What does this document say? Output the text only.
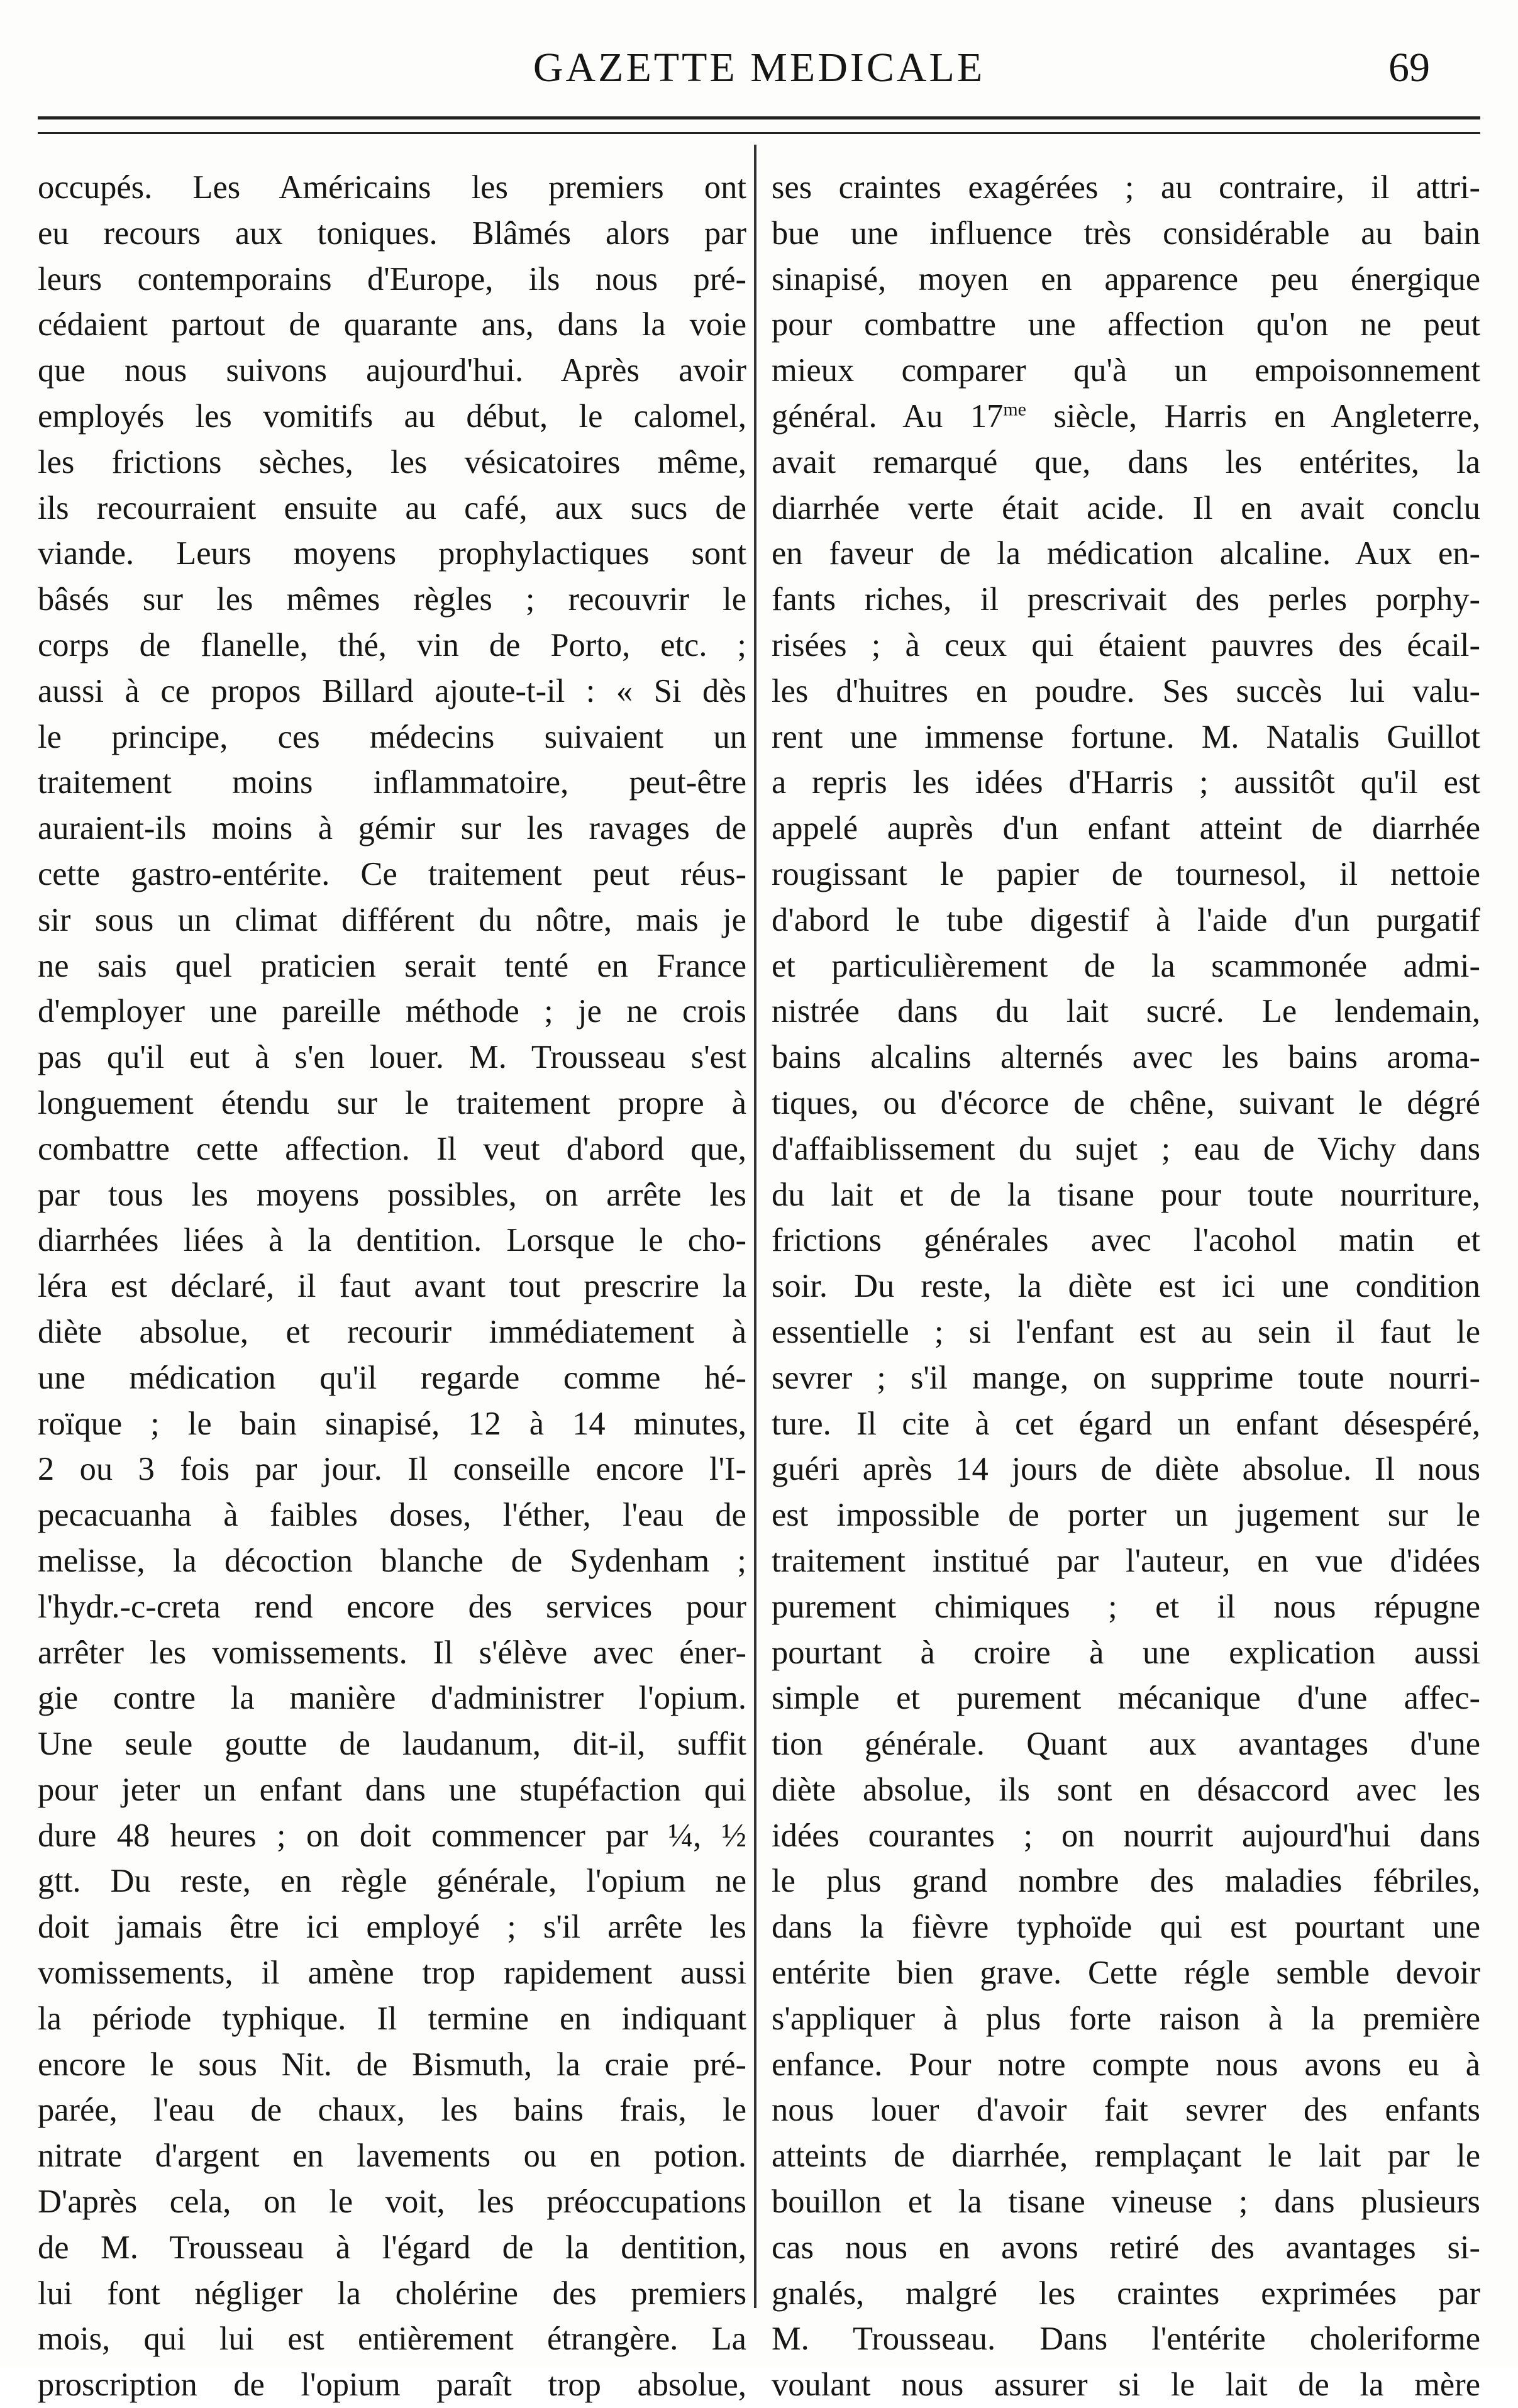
GAZETTE MEDICALE	69
occupés. Les Américains les premiers ont
eu recours aux toniques. Blâmés alors par
leurs contemporains d'Europe, ils nous pré-
cédaient partout de quarante ans, dans la voie
que nous suivons aujourd'hui. Après avoir
employés les vomitifs au début, le calomel,
les frictions sèches, les vésicatoires même,
ils recourraient ensuite au café, aux sucs de
viande. Leurs moyens prophylactiques sont
bâsés sur les mêmes règles ; recouvrir le
corps de flanelle, thé, vin de Porto, etc. ;
aussi à ce propos Billard ajoute-t-il : « Si dès
le principe, ces médecins suivaient un
traitement moins inflammatoire, peut-être
auraient-ils moins à gémir sur les ravages de
cette gastro-entérite. Ce traitement peut réus-
sir sous un climat différent du nôtre, mais je
ne sais quel praticien serait tenté en France
d'employer une pareille méthode ; je ne crois
pas qu'il eut à s'en louer. M. Trousseau s'est
longuement étendu sur le traitement propre à
combattre cette affection. Il veut d'abord que,
par tous les moyens possibles, on arrête les
diarrhées liées à la dentition. Lorsque le cho-
léra est déclaré, il faut avant tout prescrire la
diète absolue, et recourir immédiatement à
une médication qu'il regarde comme hé-
roïque ; le bain sinapisé, 12 à 14 minutes,
2 ou 3 fois par jour. Il conseille encore l'I-
pecacuanha à faibles doses, l'éther, l'eau de
melisse, la décoction blanche de Sydenham ;
l'hydr.-c-creta rend encore des services pour
arrêter les vomissements. Il s'élève avec éner-
gie contre la manière d'administrer l'opium.
Une seule goutte de laudanum, dit-il, suffit
pour jeter un enfant dans une stupéfaction qui
dure 48 heures ; on doit commencer par ¼, ½
gtt. Du reste, en règle générale, l'opium ne
doit jamais être ici employé ; s'il arrête les
vomissements, il amène trop rapidement aussi
la période typhique. Il termine en indiquant
encore le sous Nit. de Bismuth, la craie pré-
parée, l'eau de chaux, les bains frais, le
nitrate d'argent en lavements ou en potion.
D'après cela, on le voit, les préoccupations
de M. Trousseau à l'égard de la dentition,
lui font négliger la cholérine des premiers
mois, qui lui est entièrement étrangère. La
proscription de l'opium paraît trop absolue,
ses craintes exagérées ; au contraire, il attri-
bue une influence très considérable au bain
sinapisé, moyen en apparence peu énergique
pour combattre une affection qu'on ne peut
mieux comparer qu'à un empoisonnement
général. Au $17^{me}$ siècle, Harris en Angleterre,
avait remarqué que, dans les entérites, la
diarrhée verte était acide. Il en avait conclu
en faveur de la médication alcaline. Aux en-
fants riches, il prescrivait des perles porphy-
risées ; à ceux qui étaient pauvres des écail-
les d'huitres en poudre. Ses succès lui valu-
rent une immense fortune. M. Natalis Guillot
a repris les idées d'Harris ; aussitôt qu'il est
appelé auprès d'un enfant atteint de diarrhée
rougissant le papier de tournesol, il nettoie
d'abord le tube digestif à l'aide d'un purgatif
et particulièrement de la scammonée admi-
nistrée dans du lait sucré. Le lendemain,
bains alcalins alternés avec les bains aroma-
tiques, ou d'écorce de chêne, suivant le dégré
d'affaiblissement du sujet ; eau de Vichy dans
du lait et de la tisane pour toute nourriture,
frictions générales avec l'acohol matin et
soir. Du reste, la diète est ici une condition
essentielle ; si l'enfant est au sein il faut le
sevrer ; s'il mange, on supprime toute nourri-
ture. Il cite à cet égard un enfant désespéré,
guéri après 14 jours de diète absolue. Il nous
est impossible de porter un jugement sur le
traitement institué par l'auteur, en vue d'idées
purement chimiques ; et il nous répugne
pourtant à croire à une explication aussi
simple et purement mécanique d'une affec-
tion générale. Quant aux avantages d'une
diète absolue, ils sont en désaccord avec les
idées courantes ; on nourrit aujourd'hui dans
le plus grand nombre des maladies fébriles,
dans la fièvre typhoïde qui est pourtant une
entérite bien grave. Cette régle semble devoir
s'appliquer à plus forte raison à la première
enfance. Pour notre compte nous avons eu à
nous louer d'avoir fait sevrer des enfants
atteints de diarrhée, remplaçant le lait par le
bouillon et la tisane vineuse ; dans plusieurs
cas nous en avons retiré des avantages si-
gnalés, malgré les craintes exprimées par
M. Trousseau. Dans l'entérite choleriforme
voulant nous assurer si le lait de la mère
